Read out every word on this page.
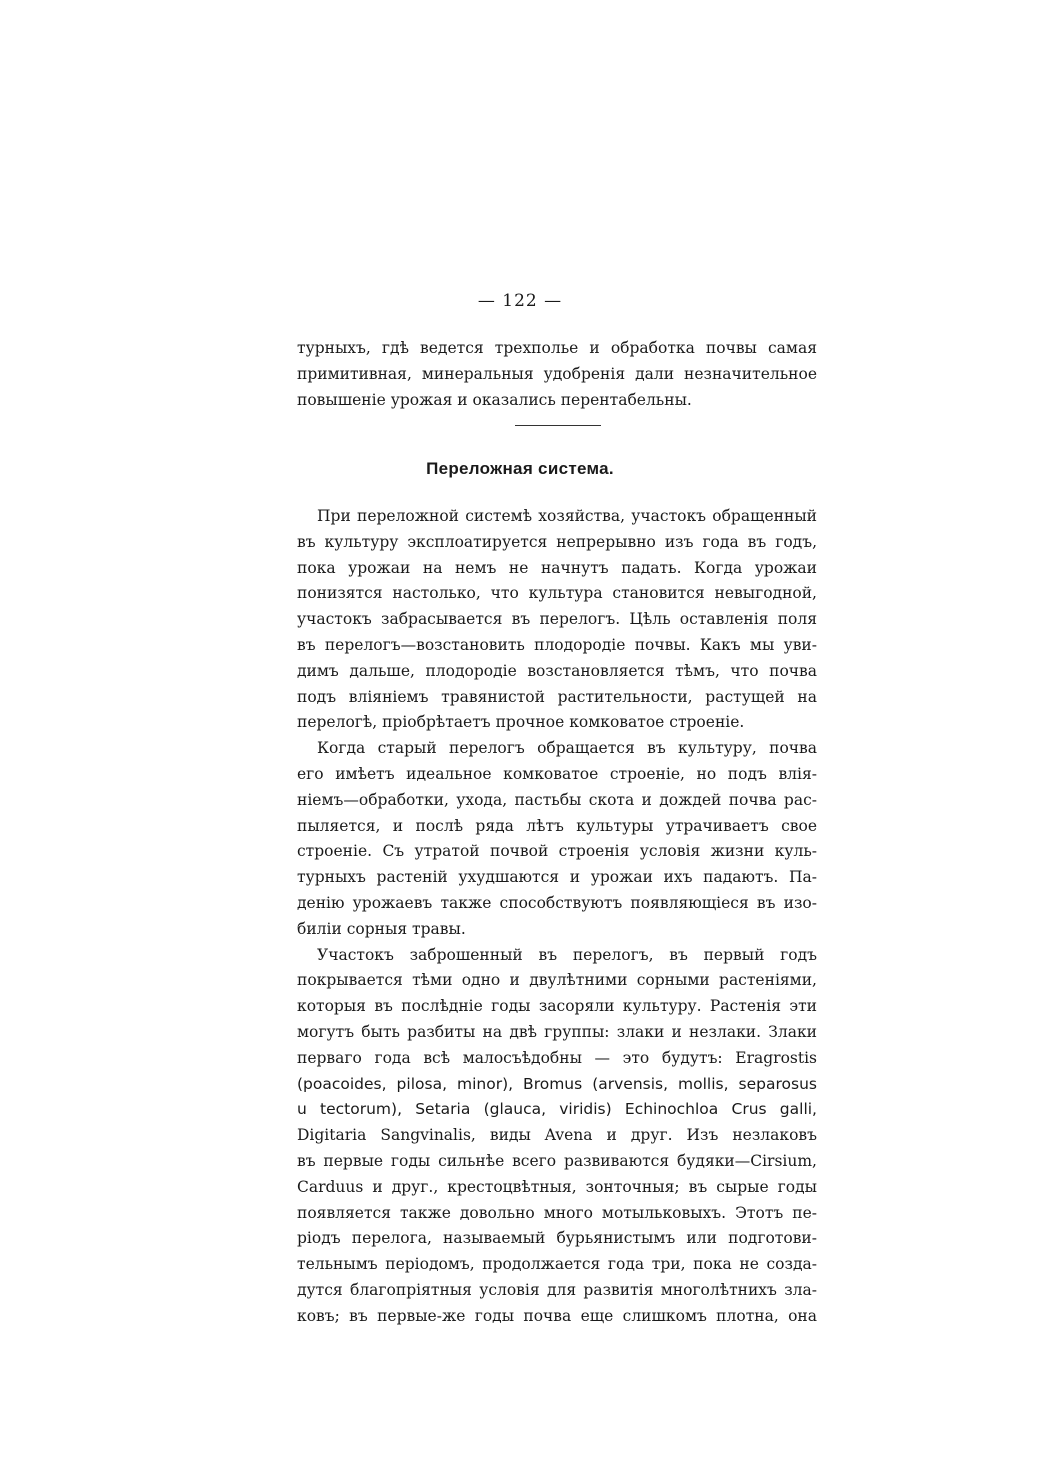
— 122 —
турныхъ, гдѣ ведется трехполье и обработка почвы самая
примитивная, минеральныя удобренія дали незначительное
повышеніе урожая и оказались перентабельны.
Переложная система.
При переложной системѣ хозяйства, участокъ обращенный
въ культуру эксплоатируется непрерывно изъ года въ годъ,
пока урожаи на немъ не начнутъ падать. Когда урожаи
понизятся настолько, что культура становится невыгодной,
участокъ забрасывается въ перелогъ. Цѣль оставленія поля
въ перелогъ—возстановить плодородіе почвы. Какъ мы уви-
димъ дальше, плодородіе возстановляется тѣмъ, что почва
подъ вліяніемъ травянистой растительности, растущей на
перелогѣ, пріобрѣтаетъ прочное комковатое строеніе.
Когда старый перелогъ обращается въ культуру, почва
его имѣетъ идеальное комковатое строеніе, но подъ влія-
ніемъ—обработки, ухода, пастьбы скота и дождей почва рас-
пыляется, и послѣ ряда лѣтъ культуры утрачиваетъ свое
строеніе. Съ утратой почвой строенія условія жизни куль-
турныхъ растеній ухудшаются и урожаи ихъ падаютъ. Па-
денію урожаевъ также способствуютъ появляющіеся въ изо-
биліи сорныя травы.
Участокъ заброшенный въ перелогъ, въ первый годъ
покрывается тѣми одно и двулѣтними сорными растеніями,
которыя въ послѣдніе годы засоряли культуру. Растенія эти
могутъ быть разбиты на двѣ группы: злаки и незлаки. Злаки
перваго года всѣ малосъѣдобны — это будутъ: Eragrostis
(poacoides, pilosa, minor), Bromus (arvensis, mollis, separosus
u tectorum), Setaria (glauca, viridis) Echinochloa Crus galli,
Digitaria Sangvinalis, виды Avena и друг. Изъ незлаковъ
въ первые годы сильнѣе всего развиваются будяки—Cirsium,
Carduus и друг., крестоцвѣтныя, зонточныя; въ сырые годы
появляется также довольно много мотыльковыхъ. Этотъ пе-
ріодъ перелога, называемый бурьянистымъ или подготови-
тельнымъ періодомъ, продолжается года три, пока не созда-
дутся благопріятныя условія для развитія многолѣтнихъ зла-
ковъ; въ первые-же годы почва еще слишкомъ плотна, она
